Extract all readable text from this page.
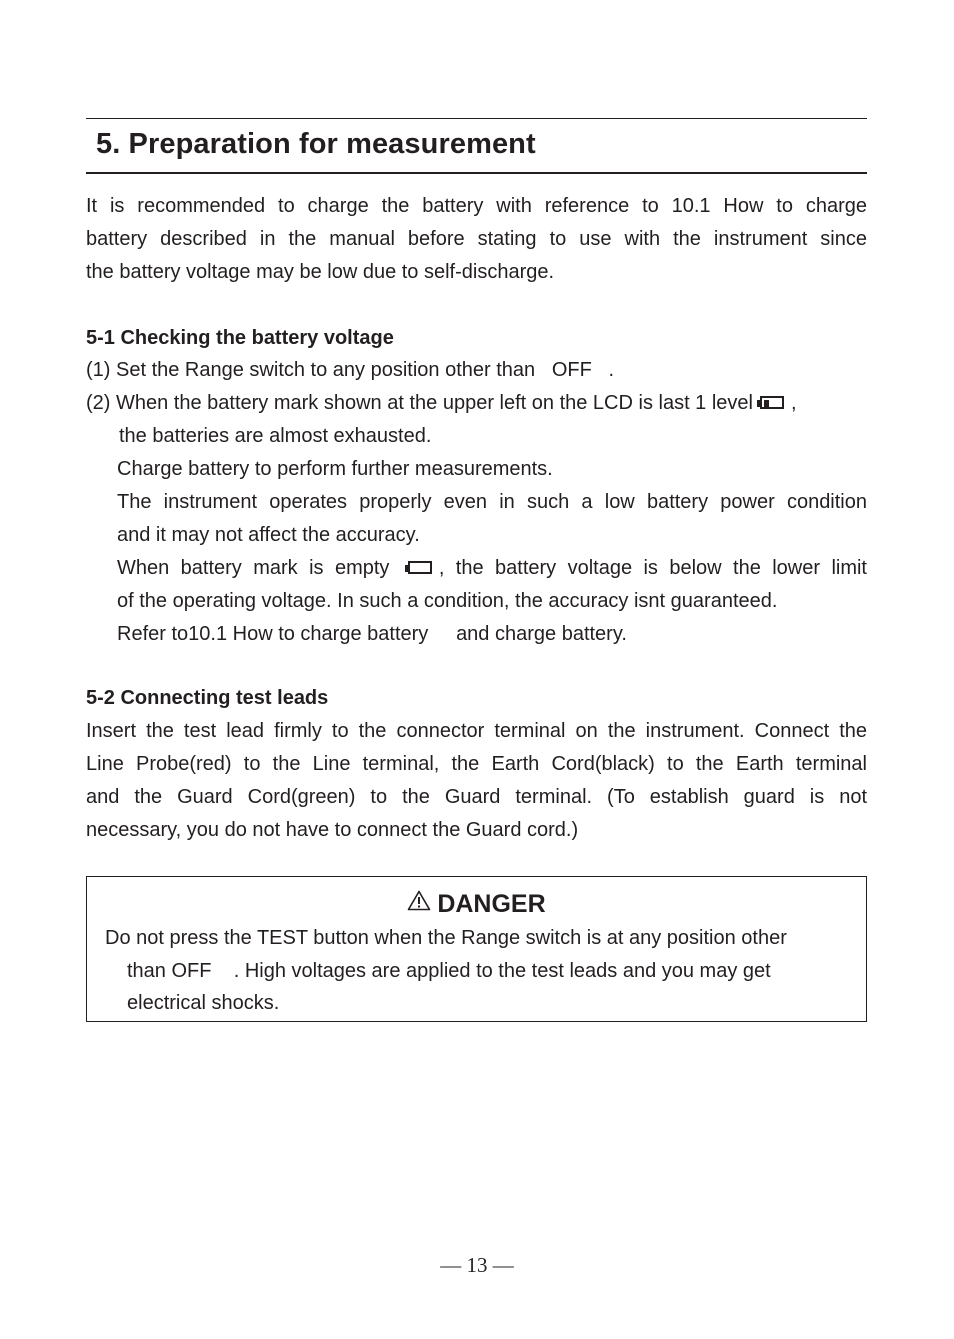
5. Preparation for measurement
It is recommended to charge the battery with reference to 10.1 How to charge
battery described in the manual before stating to use with the instrument since
the battery voltage may be low due to self-discharge.
5-1 Checking the battery voltage
(1) Set the Range switch to any position other than   OFF   .
(2) When the battery mark shown at the upper left on the LCD is last 1 level ,
the batteries are almost exhausted.
Charge battery to perform further measurements.
The instrument operates properly even in such a low battery power condition
and it may not affect the accuracy.
When battery mark is empty , the battery voltage is below the lower limit
of the operating voltage. In such a condition, the accuracy isnt guaranteed.
Refer to10.1 How to charge battery     and charge battery.
5-2 Connecting test leads
Insert the test lead firmly to the connector terminal on the instrument. Connect the
Line Probe(red) to the Line terminal, the Earth Cord(black) to the Earth terminal
and the Guard Cord(green) to the Guard terminal. (To establish guard is not
necessary, you do not have to connect the Guard cord.)
DANGER
Do not press the TEST button when the Range switch is at any position other
than OFF    . High voltages are applied to the test leads and you may get
electrical shocks.
— 13 —
